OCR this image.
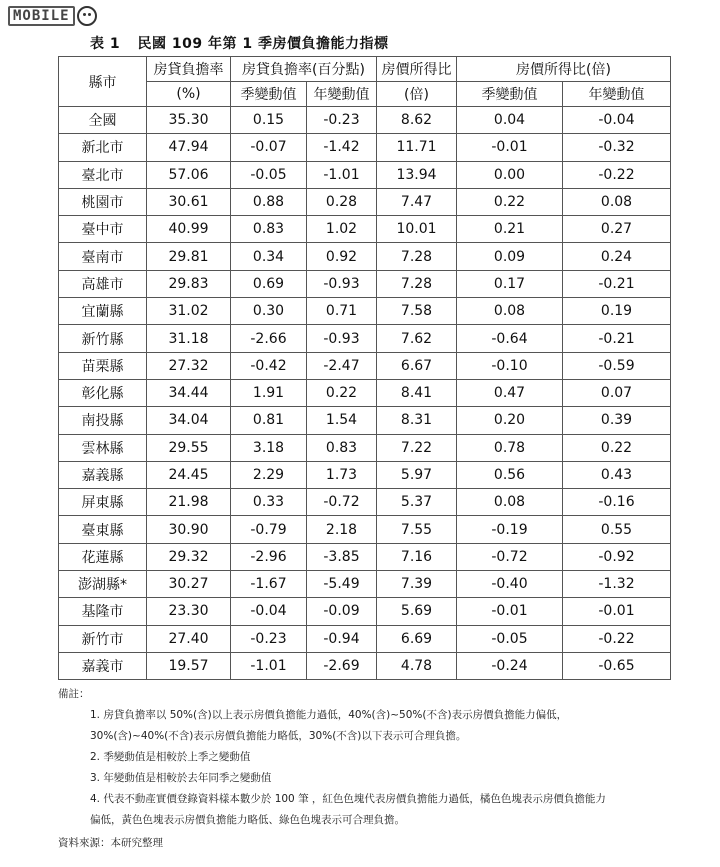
MOBILE
表 1 民國 109 年第 1 季房價負擔能力指標
縣市	房貸負擔率	房貸負擔率(百分點)		房價所得比	房價所得比(倍)	
	(%)	季變動值	年變動值	(倍)	季變動值	年變動值
全國	35.30	0.15	-0.23	8.62	0.04	-0.04
新北市	47.94	-0.07	-1.42	11.71	-0.01	-0.32
臺北市	57.06	-0.05	-1.01	13.94	0.00	-0.22
桃園市	30.61	0.88	0.28	7.47	0.22	0.08
臺中市	40.99	0.83	1.02	10.01	0.21	0.27
臺南市	29.81	0.34	0.92	7.28	0.09	0.24
高雄市	29.83	0.69	-0.93	7.28	0.17	-0.21
宜蘭縣	31.02	0.30	0.71	7.58	0.08	0.19
新竹縣	31.18	-2.66	-0.93	7.62	-0.64	-0.21
苗栗縣	27.32	-0.42	-2.47	6.67	-0.10	-0.59
彰化縣	34.44	1.91	0.22	8.41	0.47	0.07
南投縣	34.04	0.81	1.54	8.31	0.20	0.39
雲林縣	29.55	3.18	0.83	7.22	0.78	0.22
嘉義縣	24.45	2.29	1.73	5.97	0.56	0.43
屏東縣	21.98	0.33	-0.72	5.37	0.08	-0.16
臺東縣	30.90	-0.79	2.18	7.55	-0.19	0.55
花蓮縣	29.32	-2.96	-3.85	7.16	-0.72	-0.92
澎湖縣*	30.27	-1.67	-5.49	7.39	-0.40	-1.32
基隆市	23.30	-0.04	-0.09	5.69	-0.01	-0.01
新竹市	27.40	-0.23	-0.94	6.69	-0.05	-0.22
嘉義市	19.57	-1.01	-2.69	4.78	-0.24	-0.65
備註：
1. 房貸負擔率以 50%(含)以上表示房價負擔能力過低，40%(含)~50%(不含)表示房價負擔能力偏低，
30%(含)~40%(不含)表示房價負擔能力略低，30%(不含)以下表示可合理負擔。
2. 季變動值是相較於上季之變動值
3. 年變動值是相較於去年同季之變動值
4. 代表不動產實價登錄資料樣本數少於 100 筆 ，紅色色塊代表房價負擔能力過低，橘色色塊表示房價負擔能力
偏低，黃色色塊表示房價負擔能力略低、綠色色塊表示可合理負擔。
資料來源：本研究整理
